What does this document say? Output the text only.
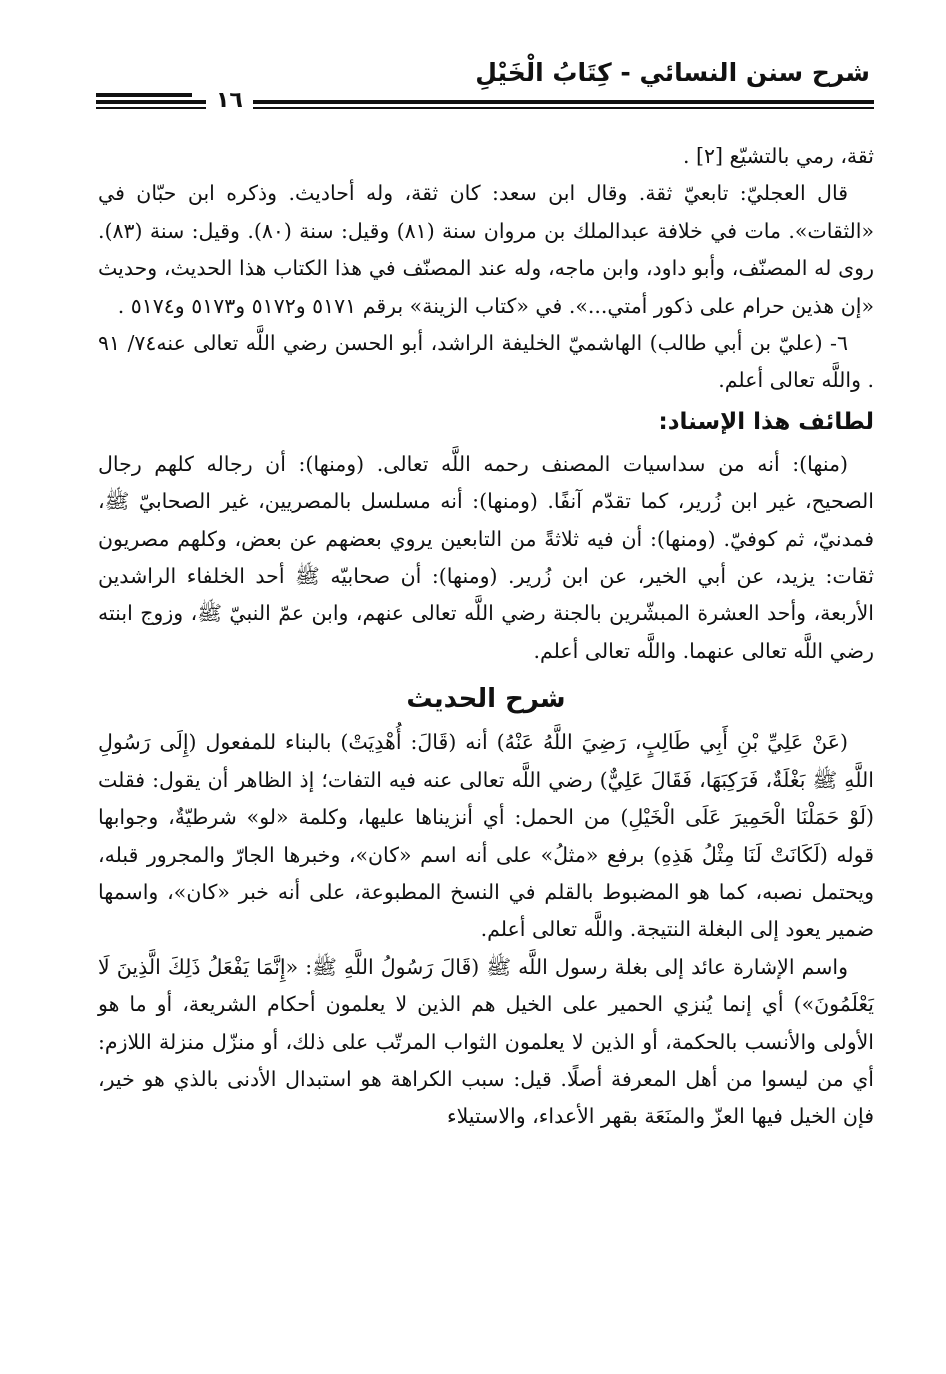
شرح سنن النسائي - كِتَابُ الْخَيْلِ
١٦

ثقة، رمي بالتشيّع [٢] .

قال العجليّ: تابعيّ ثقة. وقال ابن سعد: كان ثقة، وله أحاديث. وذكره ابن حبّان في «الثقات». مات في خلافة عبدالملك بن مروان سنة (٨١) وقيل: سنة (٨٠). وقيل: سنة (٨٣). روى له المصنّف، وأبو داود، وابن ماجه، وله عند المصنّف في هذا الكتاب هذا الحديث، وحديث «إن هذين حرام على ذكور أمتي...». في «كتاب الزينة» برقم ٥١٧١ و٥١٧٢ و٥١٧٣ و٥١٧٤ .

٦- (عليّ بن أبي طالب) الهاشميّ الخليفة الراشد، أبو الحسن رضي اللَّه تعالى عنه٧٤/ ٩١ . واللَّه تعالى أعلم.

لطائف هذا الإسناد:

(منها): أنه من سداسيات المصنف رحمه اللَّه تعالى. (ومنها): أن رجاله كلهم رجال الصحيح، غير ابن زُرير، كما تقدّم آنفًا. (ومنها): أنه مسلسل بالمصريين، غير الصحابيّ ﷺ، فمدنيّ، ثم كوفيّ. (ومنها): أن فيه ثلاثةً من التابعين يروي بعضهم عن بعض، وكلهم مصريون ثقات: يزيد، عن أبي الخير، عن ابن زُرير. (ومنها): أن صحابيّه ﷺ أحد الخلفاء الراشدين الأربعة، وأحد العشرة المبشّرين بالجنة رضي اللَّه تعالى عنهم، وابن عمّ النبيّ ﷺ، وزوج ابنته رضي اللَّه تعالى عنهما. واللَّه تعالى أعلم.

شرح الحديث

(عَنْ عَلِيِّ بْنِ أَبِي طَالِبٍ، رَضِيَ اللَّهُ عَنْهُ) أنه (قَالَ: أُهْدِيَتْ) بالبناء للمفعول (إِلَى رَسُولِ اللَّهِ ﷺ بَغْلَةٌ، فَرَكِبَهَا، فَقَالَ عَلِيٌّ) رضي اللَّه تعالى عنه فيه التفات؛ إذ الظاهر أن يقول: فقلت (لَوْ حَمَلْنَا الْحَمِيرَ عَلَى الْخَيْلِ) من الحمل: أي أنزيناها عليها، وكلمة «لو» شرطيّةٌ، وجوابها قوله (لَكَانَتْ لَنَا مِثْلُ هَذِهِ) برفع «مثلُ» على أنه اسم «كان»، وخبرها الجارّ والمجرور قبله، ويحتمل نصبه، كما هو المضبوط بالقلم في النسخ المطبوعة، على أنه خبر «كان»، واسمها ضمير يعود إلى البغلة النتيجة. واللَّه تعالى أعلم.

واسم الإشارة عائد إلى بغلة رسول اللَّه ﷺ (قَالَ رَسُولُ اللَّهِ ﷺ: «إِنَّمَا يَفْعَلُ ذَلِكَ الَّذِينَ لَا يَعْلَمُونَ») أي إنما يُنزي الحمير على الخيل هم الذين لا يعلمون أحكام الشريعة، أو ما هو الأولى والأنسب بالحكمة، أو الذين لا يعلمون الثواب المرتّب على ذلك، أو منزّل منزلة اللازم: أي من ليسوا من أهل المعرفة أصلًا. قيل: سبب الكراهة هو استبدال الأدنى بالذي هو خير، فإن الخيل فيها العزّ والمنَعَة بقهر الأعداء، والاستيلاء
